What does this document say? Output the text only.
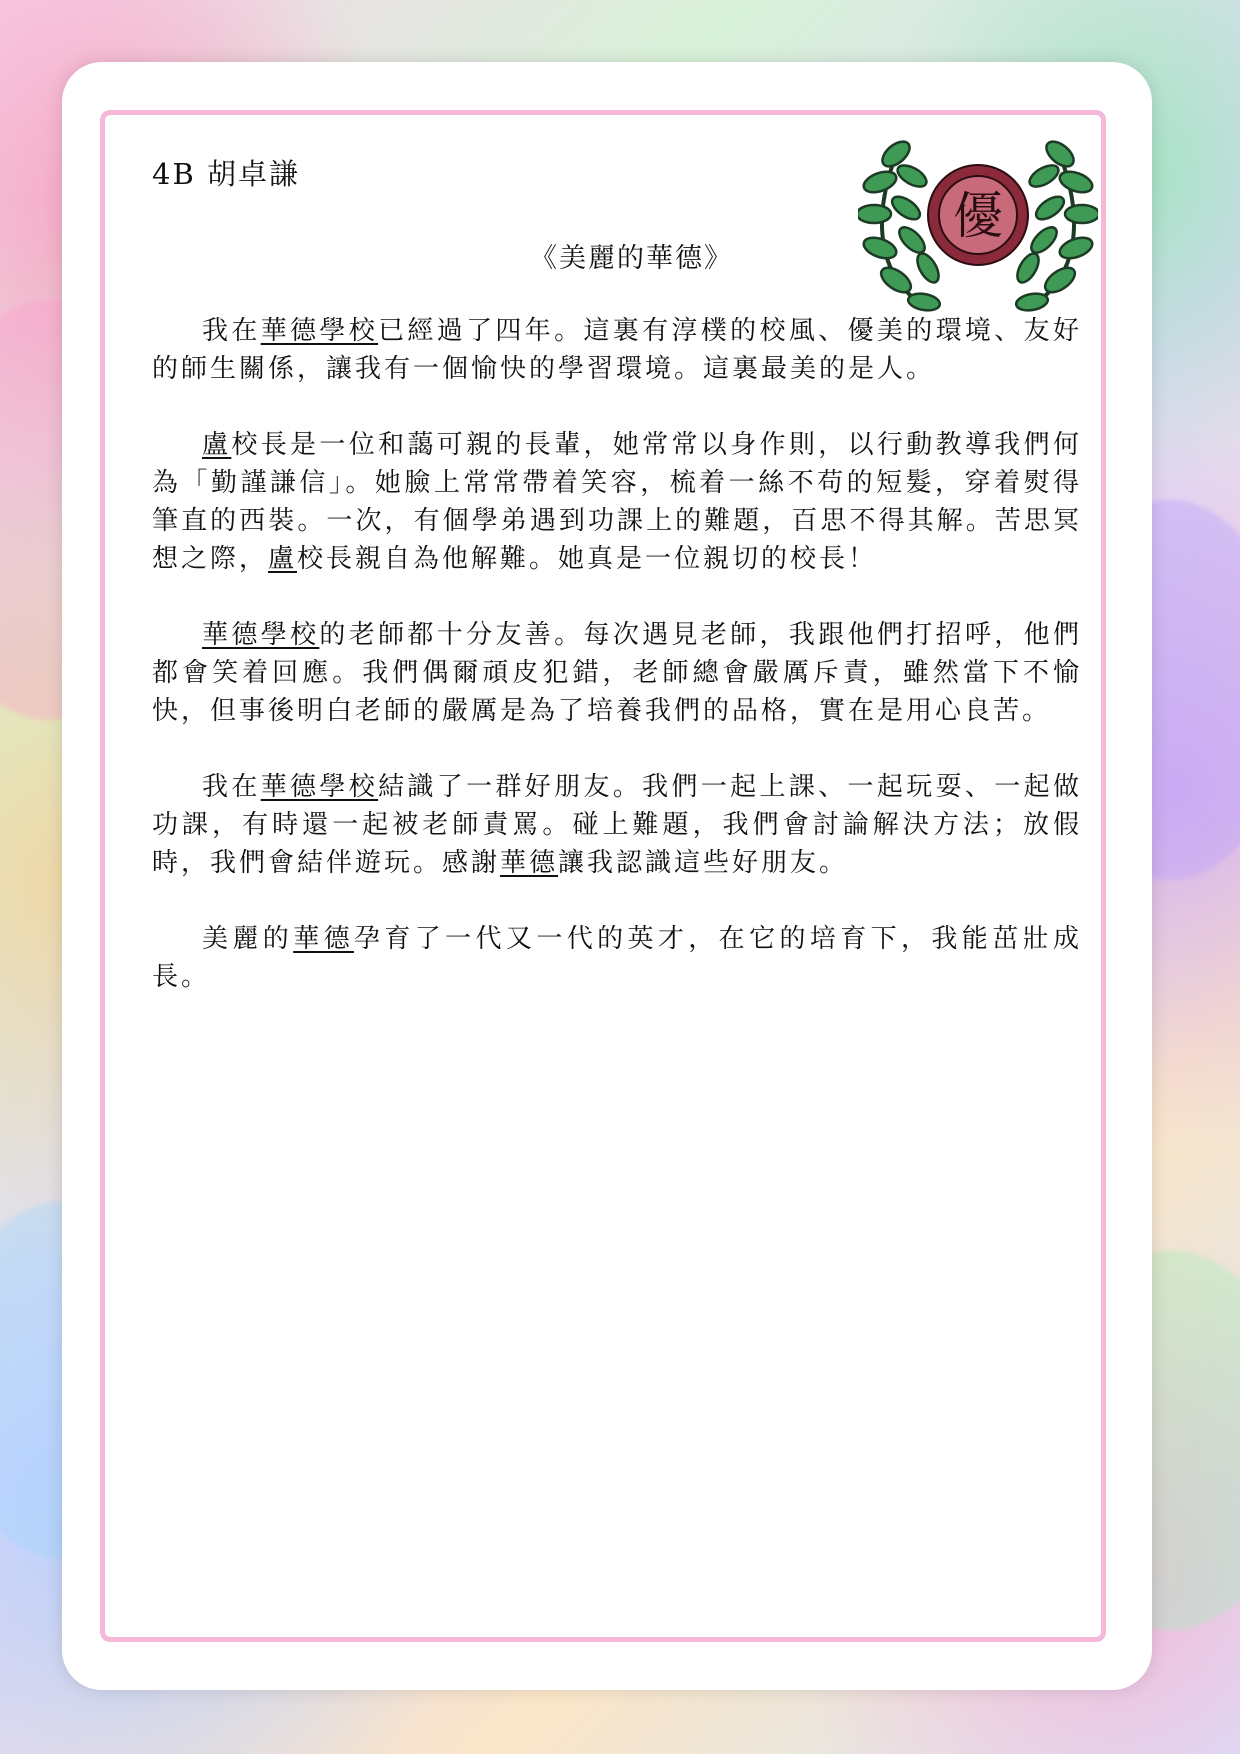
4B 胡卓謙
優
《美麗的華德》

我在華德學校已經過了四年。這裏有淳樸的校風、優美的環境、友好的師生關係，讓我有一個愉快的學習環境。這裏最美的是人。

盧校長是一位和藹可親的長輩，她常常以身作則，以行動教導我們何為「勤謹謙信」。她臉上常常帶着笑容，梳着一絲不苟的短髮，穿着熨得筆直的西裝。一次，有個學弟遇到功課上的難題，百思不得其解。苦思冥想之際，盧校長親自為他解難。她真是一位親切的校長！

華德學校的老師都十分友善。每次遇見老師，我跟他們打招呼，他們都會笑着回應。我們偶爾頑皮犯錯，老師總會嚴厲斥責，雖然當下不愉快，但事後明白老師的嚴厲是為了培養我們的品格，實在是用心良苦。

我在華德學校結識了一群好朋友。我們一起上課、一起玩耍、一起做功課，有時還一起被老師責罵。碰上難題，我們會討論解決方法；放假時，我們會結伴遊玩。感謝華德讓我認識這些好朋友。

美麗的華德孕育了一代又一代的英才，在它的培育下，我能茁壯成長。
